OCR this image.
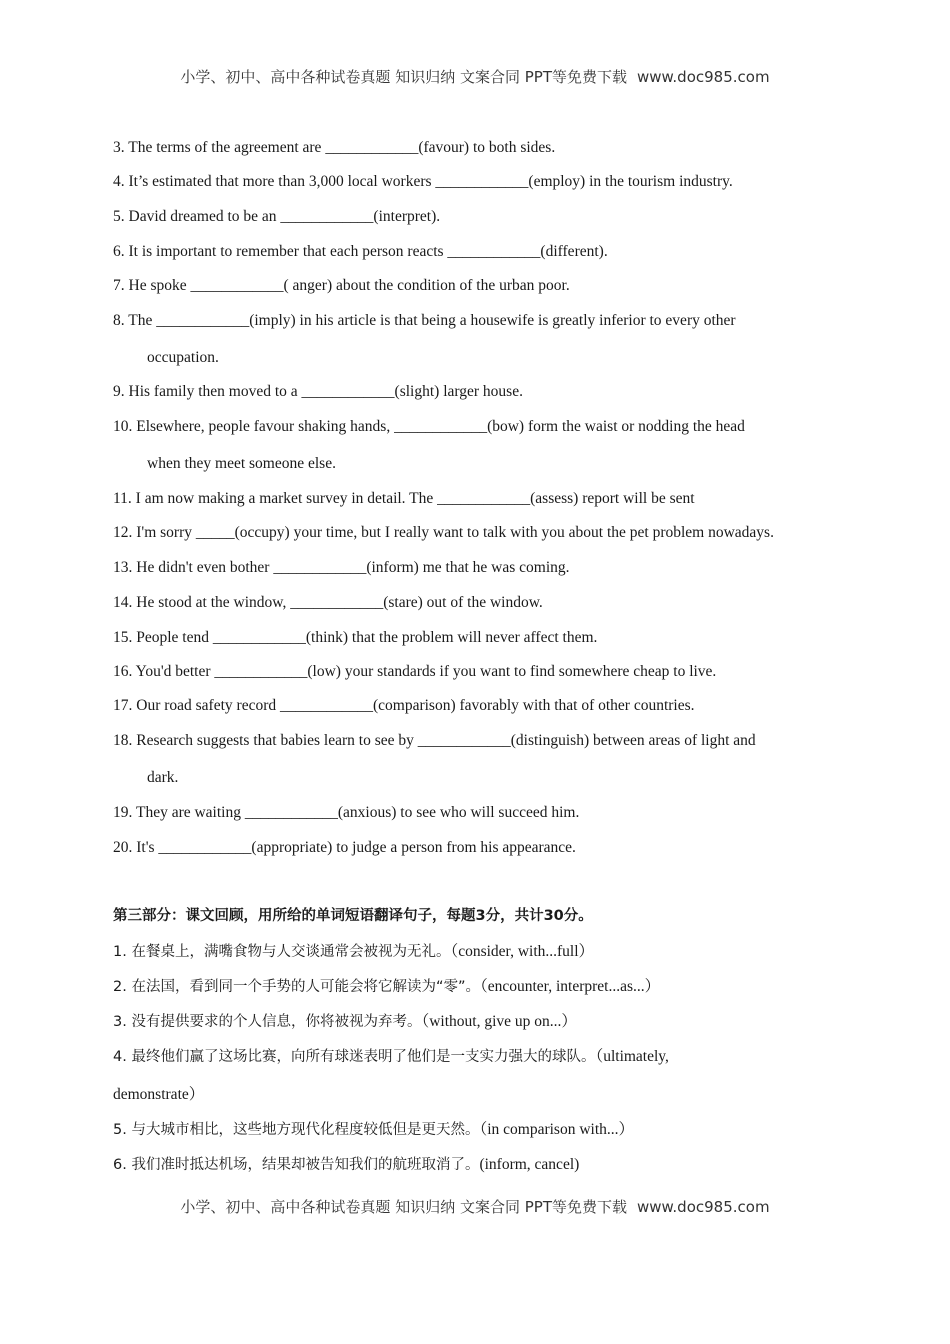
小学、初中、高中各种试卷真题 知识归纳 文案合同 PPT等免费下载 www.doc985.com
3. The terms of the agreement are ____________(favour) to both sides.
4. It’s estimated that more than 3,000 local workers ____________(employ) in the tourism industry.
5. David dreamed to be an ____________(interpret).
6. It is important to remember that each person reacts ____________(different).
7. He spoke ____________( anger) about the condition of the urban poor.
8. The ____________(imply) in his article is that being a housewife is greatly inferior to every other
occupation.
9. His family then moved to a ____________(slight) larger house.
10. Elsewhere, people favour shaking hands, ____________(bow) form the waist or nodding the head
when they meet someone else.
11. I am now making a market survey in detail. The ____________(assess) report will be sent
12. I'm sorry _____(occupy) your time, but I really want to talk with you about the pet problem nowadays.
13. He didn't even bother ____________(inform) me that he was coming.
14. He stood at the window, ____________(stare) out of the window.
15. People tend ____________(think) that the problem will never affect them.
16. You'd better ____________(low) your standards if you want to find somewhere cheap to live.
17. Our road safety record ____________(comparison) favorably with that of other countries.
18. Research suggests that babies learn to see by ____________(distinguish) between areas of light and
dark.
19. They are waiting ____________(anxious) to see who will succeed him.
20. It's ____________(appropriate) to judge a person from his appearance.
第三部分：课文回顾，用所给的单词短语翻译句子，每题3分，共计30分。
1. 在餐桌上，满嘴食物与人交谈通常会被视为无礼。（consider, with...full）
2. 在法国，看到同一个手势的人可能会将它解读为“零”。（encounter, interpret...as...）
3. 没有提供要求的个人信息，你将被视为弃考。（without, give up on...）
4. 最终他们赢了这场比赛，向所有球迷表明了他们是一支实力强大的球队。（ultimately,
demonstrate）
5. 与大城市相比，这些地方现代化程度较低但是更天然。（in comparison with...）
6. 我们准时抵达机场，结果却被告知我们的航班取消了。(inform, cancel)
小学、初中、高中各种试卷真题 知识归纳 文案合同 PPT等免费下载 www.doc985.com
